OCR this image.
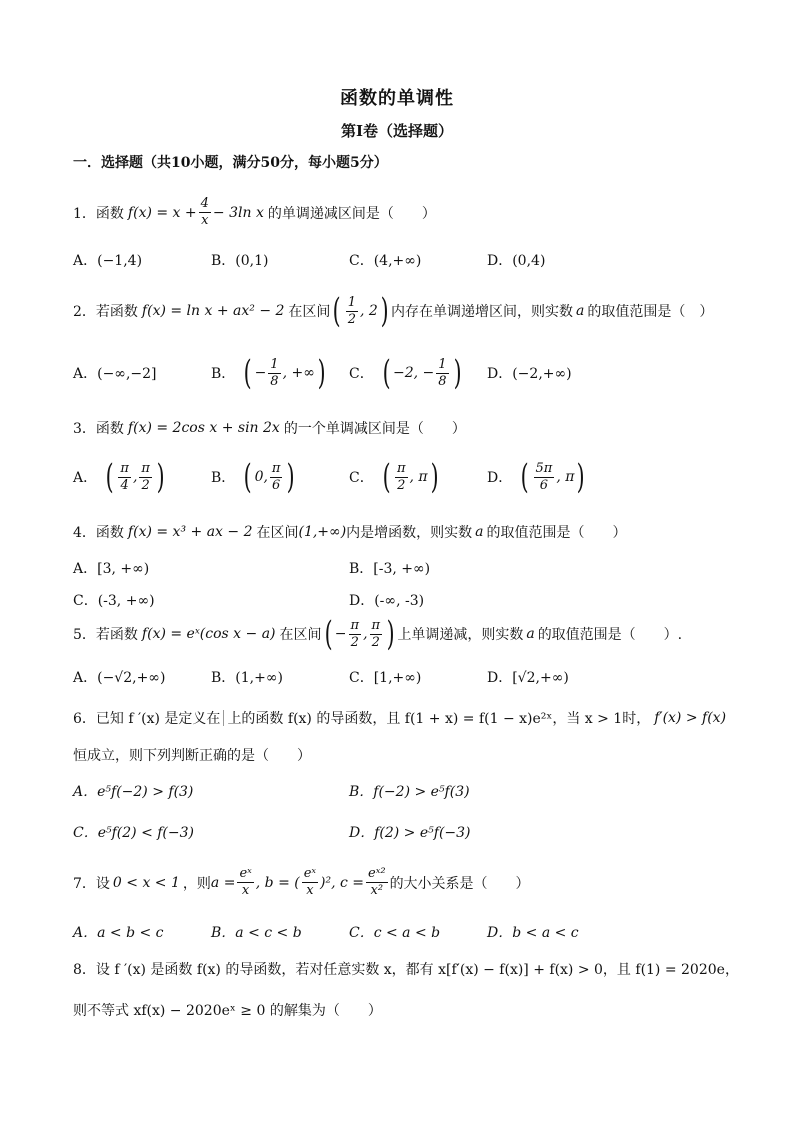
函数的单调性
第Ⅰ卷（选择题）
一．选择题（共10小题，满分50分，每小题5分）
1．函数 $f(x) = x + \frac{4}{x} - 3\ln$ x 的单调递减区间是（　　）
A．(−1,4)	B．(0,1)	C．(4,+∞)	D．(0,4)
2．若函数 f(x) = ln x + ax² − 2 在区间 ( $\frac{1}{2}$ , 2 ) 内存在单调递增区间，则实数 a 的取值范围是（　）
A．(−∞,−2]	B． ( − $\frac{1}{8}$ , +∞ ) C． ( −2, − $\frac{1}{8}$ ) D．(−2,+∞)
3．函数 f(x) = 2cos x + sin 2x 的一个单调减区间是（　　）
A． ( $\frac{\pi}{4}$ , $\frac{\pi}{2}$ )	B． ( 0, $\frac{\pi}{6}$ )	C． ( $\frac{\pi}{2}$ , π )	D． ( $\frac{5\pi}{6}$ , π )
4．函数 f(x) = x³ + ax − 2 在区间 (1,+∞) 内是增函数，则实数 a 的取值范围是（　　）
A．[3, +∞)	B．[-3, +∞)
C．(-3, +∞)	D．(-∞, -3)
5．若函数 f(x) = eˣ(cos x − a) 在区间 ( − $\frac{\pi}{2}$ , $\frac{\pi}{2}$ ) 上单调递减，则实数 a 的取值范围是（　　）.
A．(−√2,+∞)	B．(1,+∞)	C．[1,+∞)	D．[√2,+∞)
6．已知 f ′(x) 是定义在 上的函数 f(x) 的导函数，且 f(1 + x) = f(1 − x)e²ˣ，当 x > 1时， f′(x) > f(x)
恒成立，则下列判断正确的是（　　）
A．e⁵f(−2) > f(3)	B．f(−2) > e⁵f(3)
C．e⁵f(2) < f(−3)	D．f(2) > e⁵f(−3)
7．设 0 < x < 1 ，则 $a = \frac{\text{eˣ}}{x}$ , b = ( $\frac{\text{eˣ}}{x} )^2$, $c = \frac{\text{eˣ²}}{\text{x²}}$ 的大小关系是（　　）
A．a < b < c	B．a < c < b	C．c < a < b	D．b < a < c
8．设 f ′(x) 是函数 f(x) 的导函数，若对任意实数 x，都有 x[f′(x) − f(x)] + f(x) > 0，且 f(1) = 2020e，
则不等式 xf(x) − 2020eˣ ≥ 0 的解集为（　　）
